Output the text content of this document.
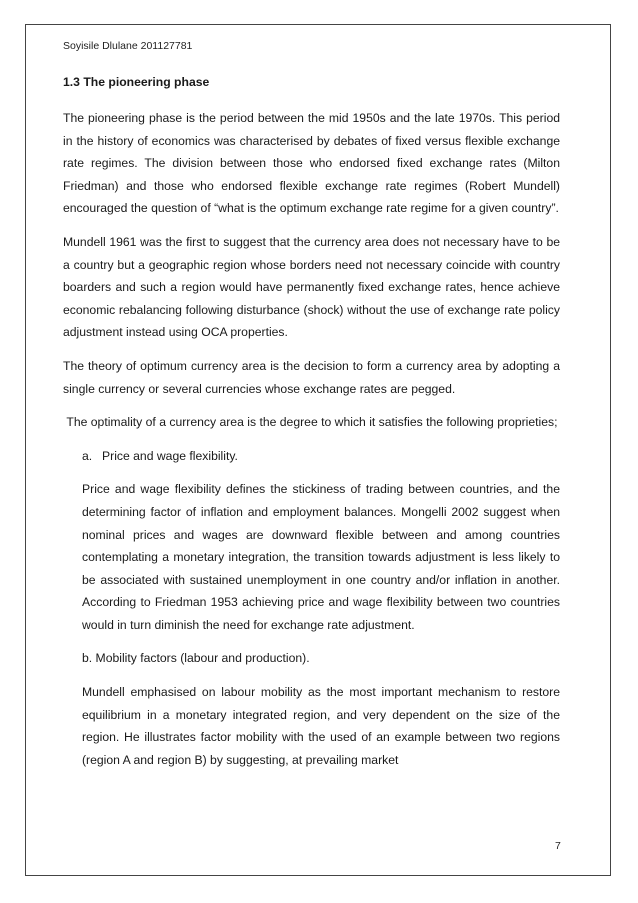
Soyisile Dlulane 201127781
1.3 The pioneering phase

The pioneering phase is the period between the mid 1950s and the late 1970s. This period in the history of economics was characterised by debates of fixed versus flexible exchange rate regimes. The division between those who endorsed fixed exchange rates (Milton Friedman) and those who endorsed flexible exchange rate regimes (Robert Mundell) encouraged the question of “what is the optimum exchange rate regime for a given country”.

Mundell 1961 was the first to suggest that the currency area does not necessary have to be a country but a geographic region whose borders need not necessary coincide with country boarders and such a region would have permanently fixed exchange rates, hence achieve economic rebalancing following disturbance (shock) without the use of exchange rate policy adjustment instead using OCA properties.

The theory of optimum currency area is the decision to form a currency area by adopting a single currency or several currencies whose exchange rates are pegged.

The optimality of a currency area is the degree to which it satisfies the following proprieties;

a. Price and wage flexibility.

Price and wage flexibility defines the stickiness of trading between countries, and the determining factor of inflation and employment balances. Mongelli 2002 suggest when nominal prices and wages are downward flexible between and among countries contemplating a monetary integration, the transition towards adjustment is less likely to be associated with sustained unemployment in one country and/or inflation in another. According to Friedman 1953 achieving price and wage flexibility between two countries would in turn diminish the need for exchange rate adjustment.

b. Mobility factors (labour and production).

Mundell emphasised on labour mobility as the most important mechanism to restore equilibrium in a monetary integrated region, and very dependent on the size of the region. He illustrates factor mobility with the used of an example between two regions (region A and region B) by suggesting, at prevailing market

7
